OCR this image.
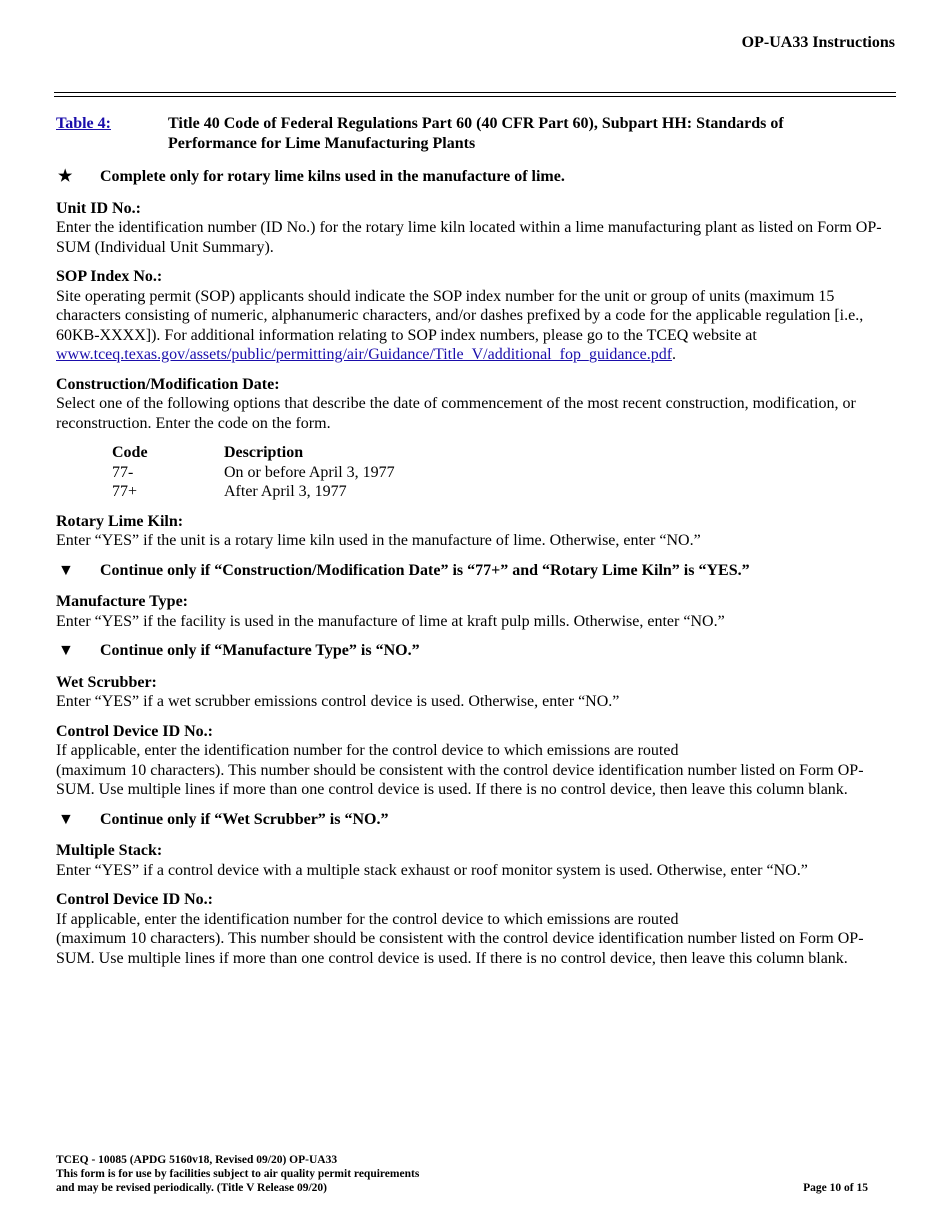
OP-UA33 Instructions
Table 4:	Title 40 Code of Federal Regulations Part 60 (40 CFR Part 60), Subpart HH: Standards of Performance for Lime Manufacturing Plants
★	Complete only for rotary lime kilns used in the manufacture of lime.
Unit ID No.:
Enter the identification number (ID No.) for the rotary lime kiln located within a lime manufacturing plant as listed on Form OP-SUM (Individual Unit Summary).
SOP Index No.:
Site operating permit (SOP) applicants should indicate the SOP index number for the unit or group of units (maximum 15 characters consisting of numeric, alphanumeric characters, and/or dashes prefixed by a code for the applicable regulation [i.e., 60KB-XXXX]). For additional information relating to SOP index numbers, please go to the TCEQ website at www.tceq.texas.gov/assets/public/permitting/air/Guidance/Title_V/additional_fop_guidance.pdf.
Construction/Modification Date:
Select one of the following options that describe the date of commencement of the most recent construction, modification, or reconstruction. Enter the code on the form.
Code	Description
77-	On or before April 3, 1977
77+	After April 3, 1977
Rotary Lime Kiln:
Enter “YES” if the unit is a rotary lime kiln used in the manufacture of lime. Otherwise, enter “NO.”
▼	Continue only if “Construction/Modification Date” is “77+” and “Rotary Lime Kiln” is “YES.”
Manufacture Type:
Enter “YES” if the facility is used in the manufacture of lime at kraft pulp mills. Otherwise, enter “NO.”
▼	Continue only if “Manufacture Type” is “NO.”
Wet Scrubber:
Enter “YES” if a wet scrubber emissions control device is used. Otherwise, enter “NO.”
Control Device ID No.:
If applicable, enter the identification number for the control device to which emissions are routed
(maximum 10 characters). This number should be consistent with the control device identification number listed on Form OP-SUM. Use multiple lines if more than one control device is used. If there is no control device, then leave this column blank.
▼	Continue only if “Wet Scrubber” is “NO.”
Multiple Stack:
Enter “YES” if a control device with a multiple stack exhaust or roof monitor system is used. Otherwise, enter “NO.”
Control Device ID No.:
If applicable, enter the identification number for the control device to which emissions are routed
(maximum 10 characters). This number should be consistent with the control device identification number listed on Form OP-SUM. Use multiple lines if more than one control device is used. If there is no control device, then leave this column blank.
TCEQ - 10085 (APDG 5160v18, Revised 09/20) OP-UA33
This form is for use by facilities subject to air quality permit requirements
and may be revised periodically. (Title V Release 09/20)	Page 10 of 15
